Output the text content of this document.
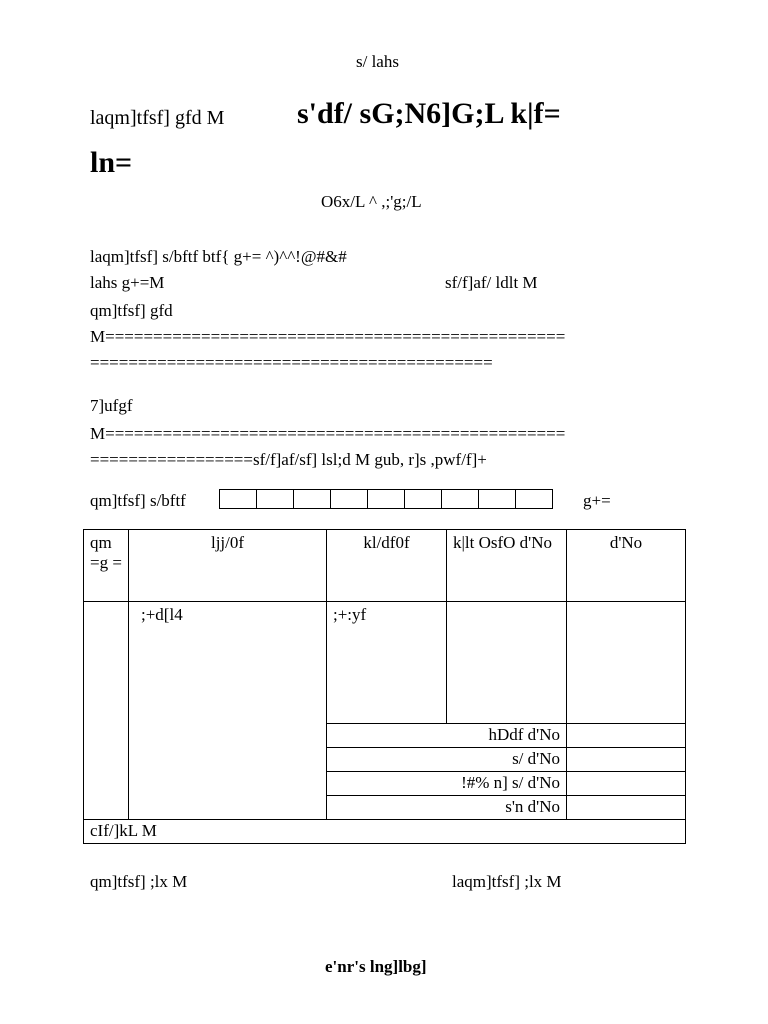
s/ lahs
laqm]tfsf] gfd M s'df/ sG;N6]G;L k|f=
ln=
O6x/L ^ ,;'g;/L
laqm]tfsf] s/bftf btf{ g+= ^)^^!@#&#
lahs g+=M	sf/f]af/ ldlt M
qm]tfsf] gfd
M================================================
==========================================
7]ufgf
M================================================
=================sf/f]af/sf] lsl;d M gub, r]s ,pwf/f]+
qm]tfsf] s/bftf	g+=
qm =g =	ljj/0f	kl/df0f	k|lt OsfO d'No	d'No
	;+d[l4	;+:yf		
		hDdf d'No		
		s/ d'No		
		!#% n] s/ d'No		
		s'n d'No		
cIf/]kL M				
qm]tfsf] ;lx M	laqm]tfsf] ;lx M
e'nr's lng]lbg]
